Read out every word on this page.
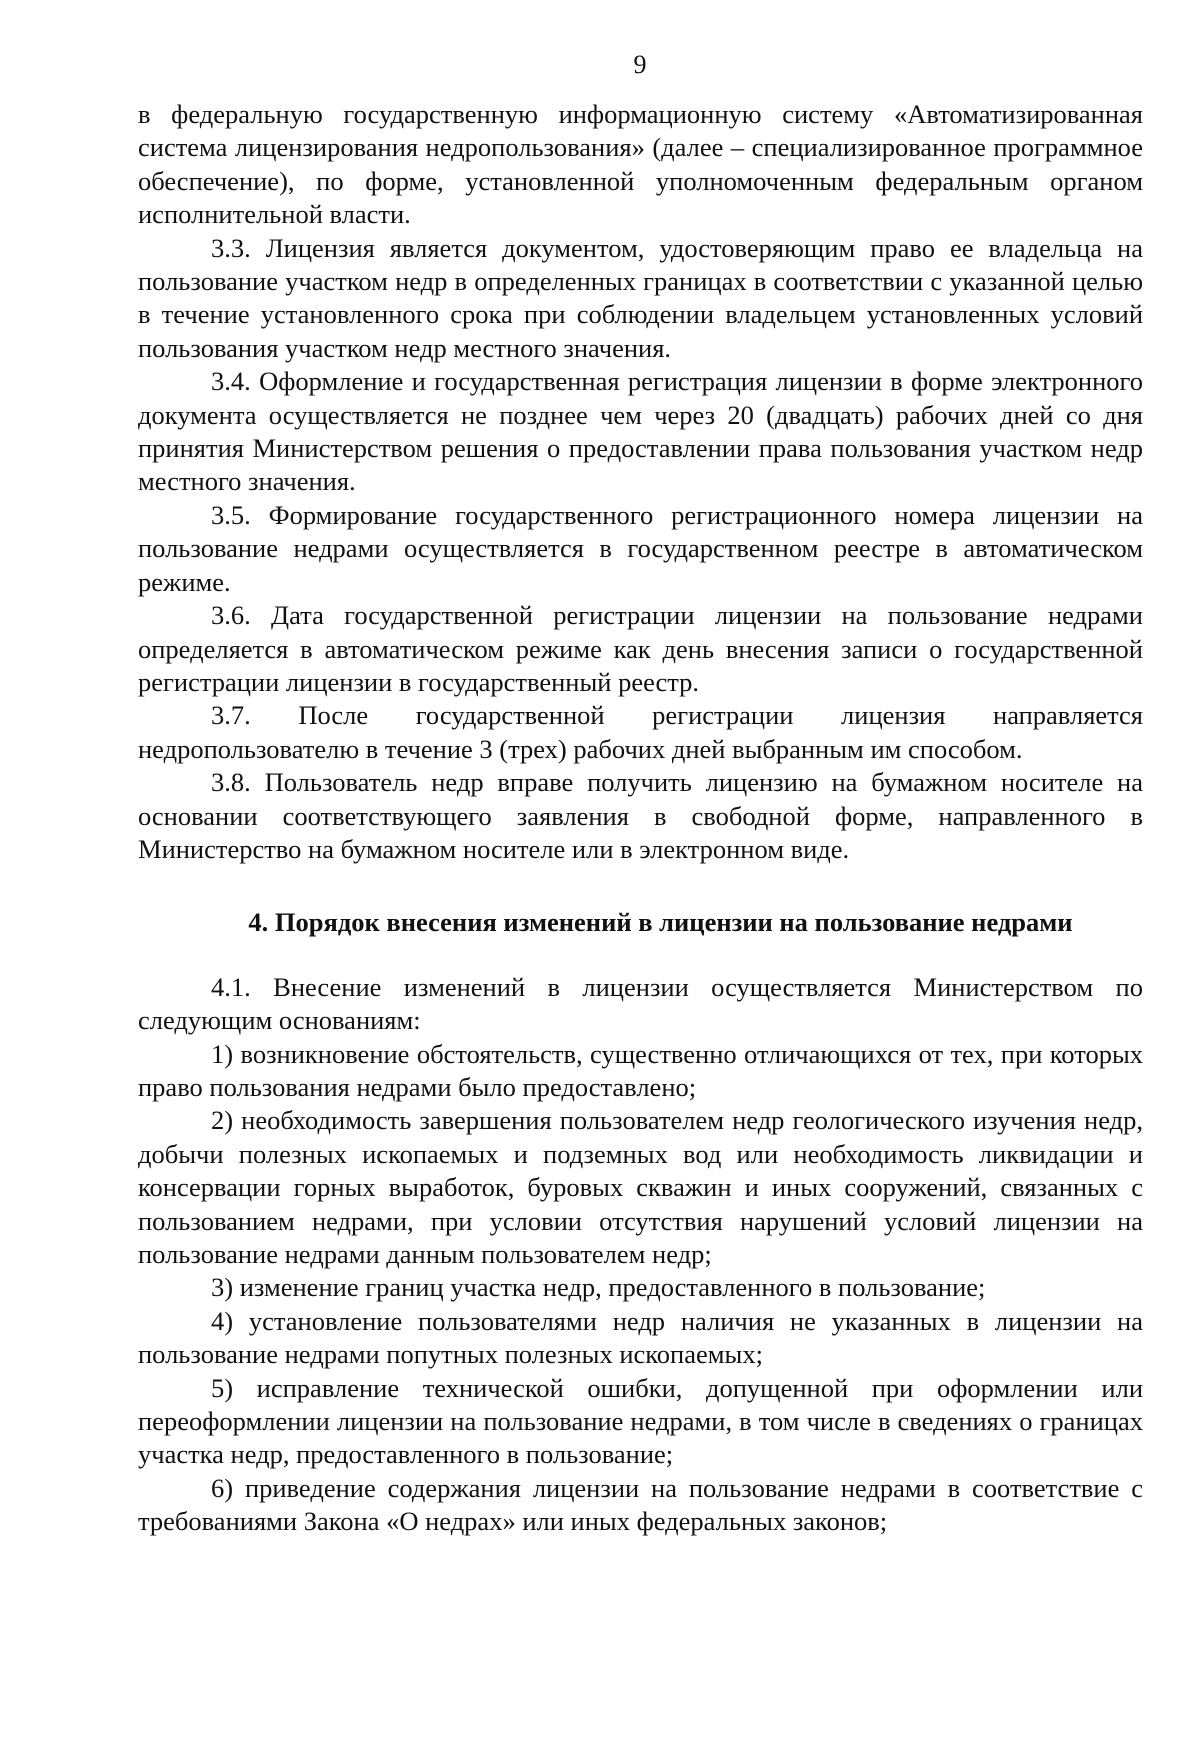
9

в федеральную государственную информационную систему «Автоматизированная система лицензирования недропользования» (далее – специализированное программное обеспечение), по форме, установленной уполномоченным федеральным органом исполнительной власти.

3.3. Лицензия является документом, удостоверяющим право ее владельца на пользование участком недр в определенных границах в соответствии с указанной целью в течение установленного срока при соблюдении владельцем установленных условий пользования участком недр местного значения.

3.4. Оформление и государственная регистрация лицензии в форме электронного документа осуществляется не позднее чем через 20 (двадцать) рабочих дней со дня принятия Министерством решения о предоставлении права пользования участком недр местного значения.

3.5. Формирование государственного регистрационного номера лицензии на пользование недрами осуществляется в государственном реестре в автоматическом режиме.

3.6. Дата государственной регистрации лицензии на пользование недрами определяется в автоматическом режиме как день внесения записи о государственной регистрации лицензии в государственный реестр.

3.7. После государственной регистрации лицензия направляется недропользователю в течение 3 (трех) рабочих дней выбранным им способом.

3.8. Пользователь недр вправе получить лицензию на бумажном носителе на основании соответствующего заявления в свободной форме, направленного в Министерство на бумажном носителе или в электронном виде.

4. Порядок внесения изменений в лицензии на пользование недрами

4.1. Внесение изменений в лицензии осуществляется Министерством по следующим основаниям:

1) возникновение обстоятельств, существенно отличающихся от тех, при которых право пользования недрами было предоставлено;

2) необходимость завершения пользователем недр геологического изучения недр, добычи полезных ископаемых и подземных вод или необходимость ликвидации и консервации горных выработок, буровых скважин и иных сооружений, связанных с пользованием недрами, при условии отсутствия нарушений условий лицензии на пользование недрами данным пользователем недр;

3) изменение границ участка недр, предоставленного в пользование;

4) установление пользователями недр наличия не указанных в лицензии на пользование недрами попутных полезных ископаемых;

5) исправление технической ошибки, допущенной при оформлении или переоформлении лицензии на пользование недрами, в том числе в сведениях о границах участка недр, предоставленного в пользование;

6) приведение содержания лицензии на пользование недрами в соответствие с требованиями Закона «О недрах» или иных федеральных законов;
